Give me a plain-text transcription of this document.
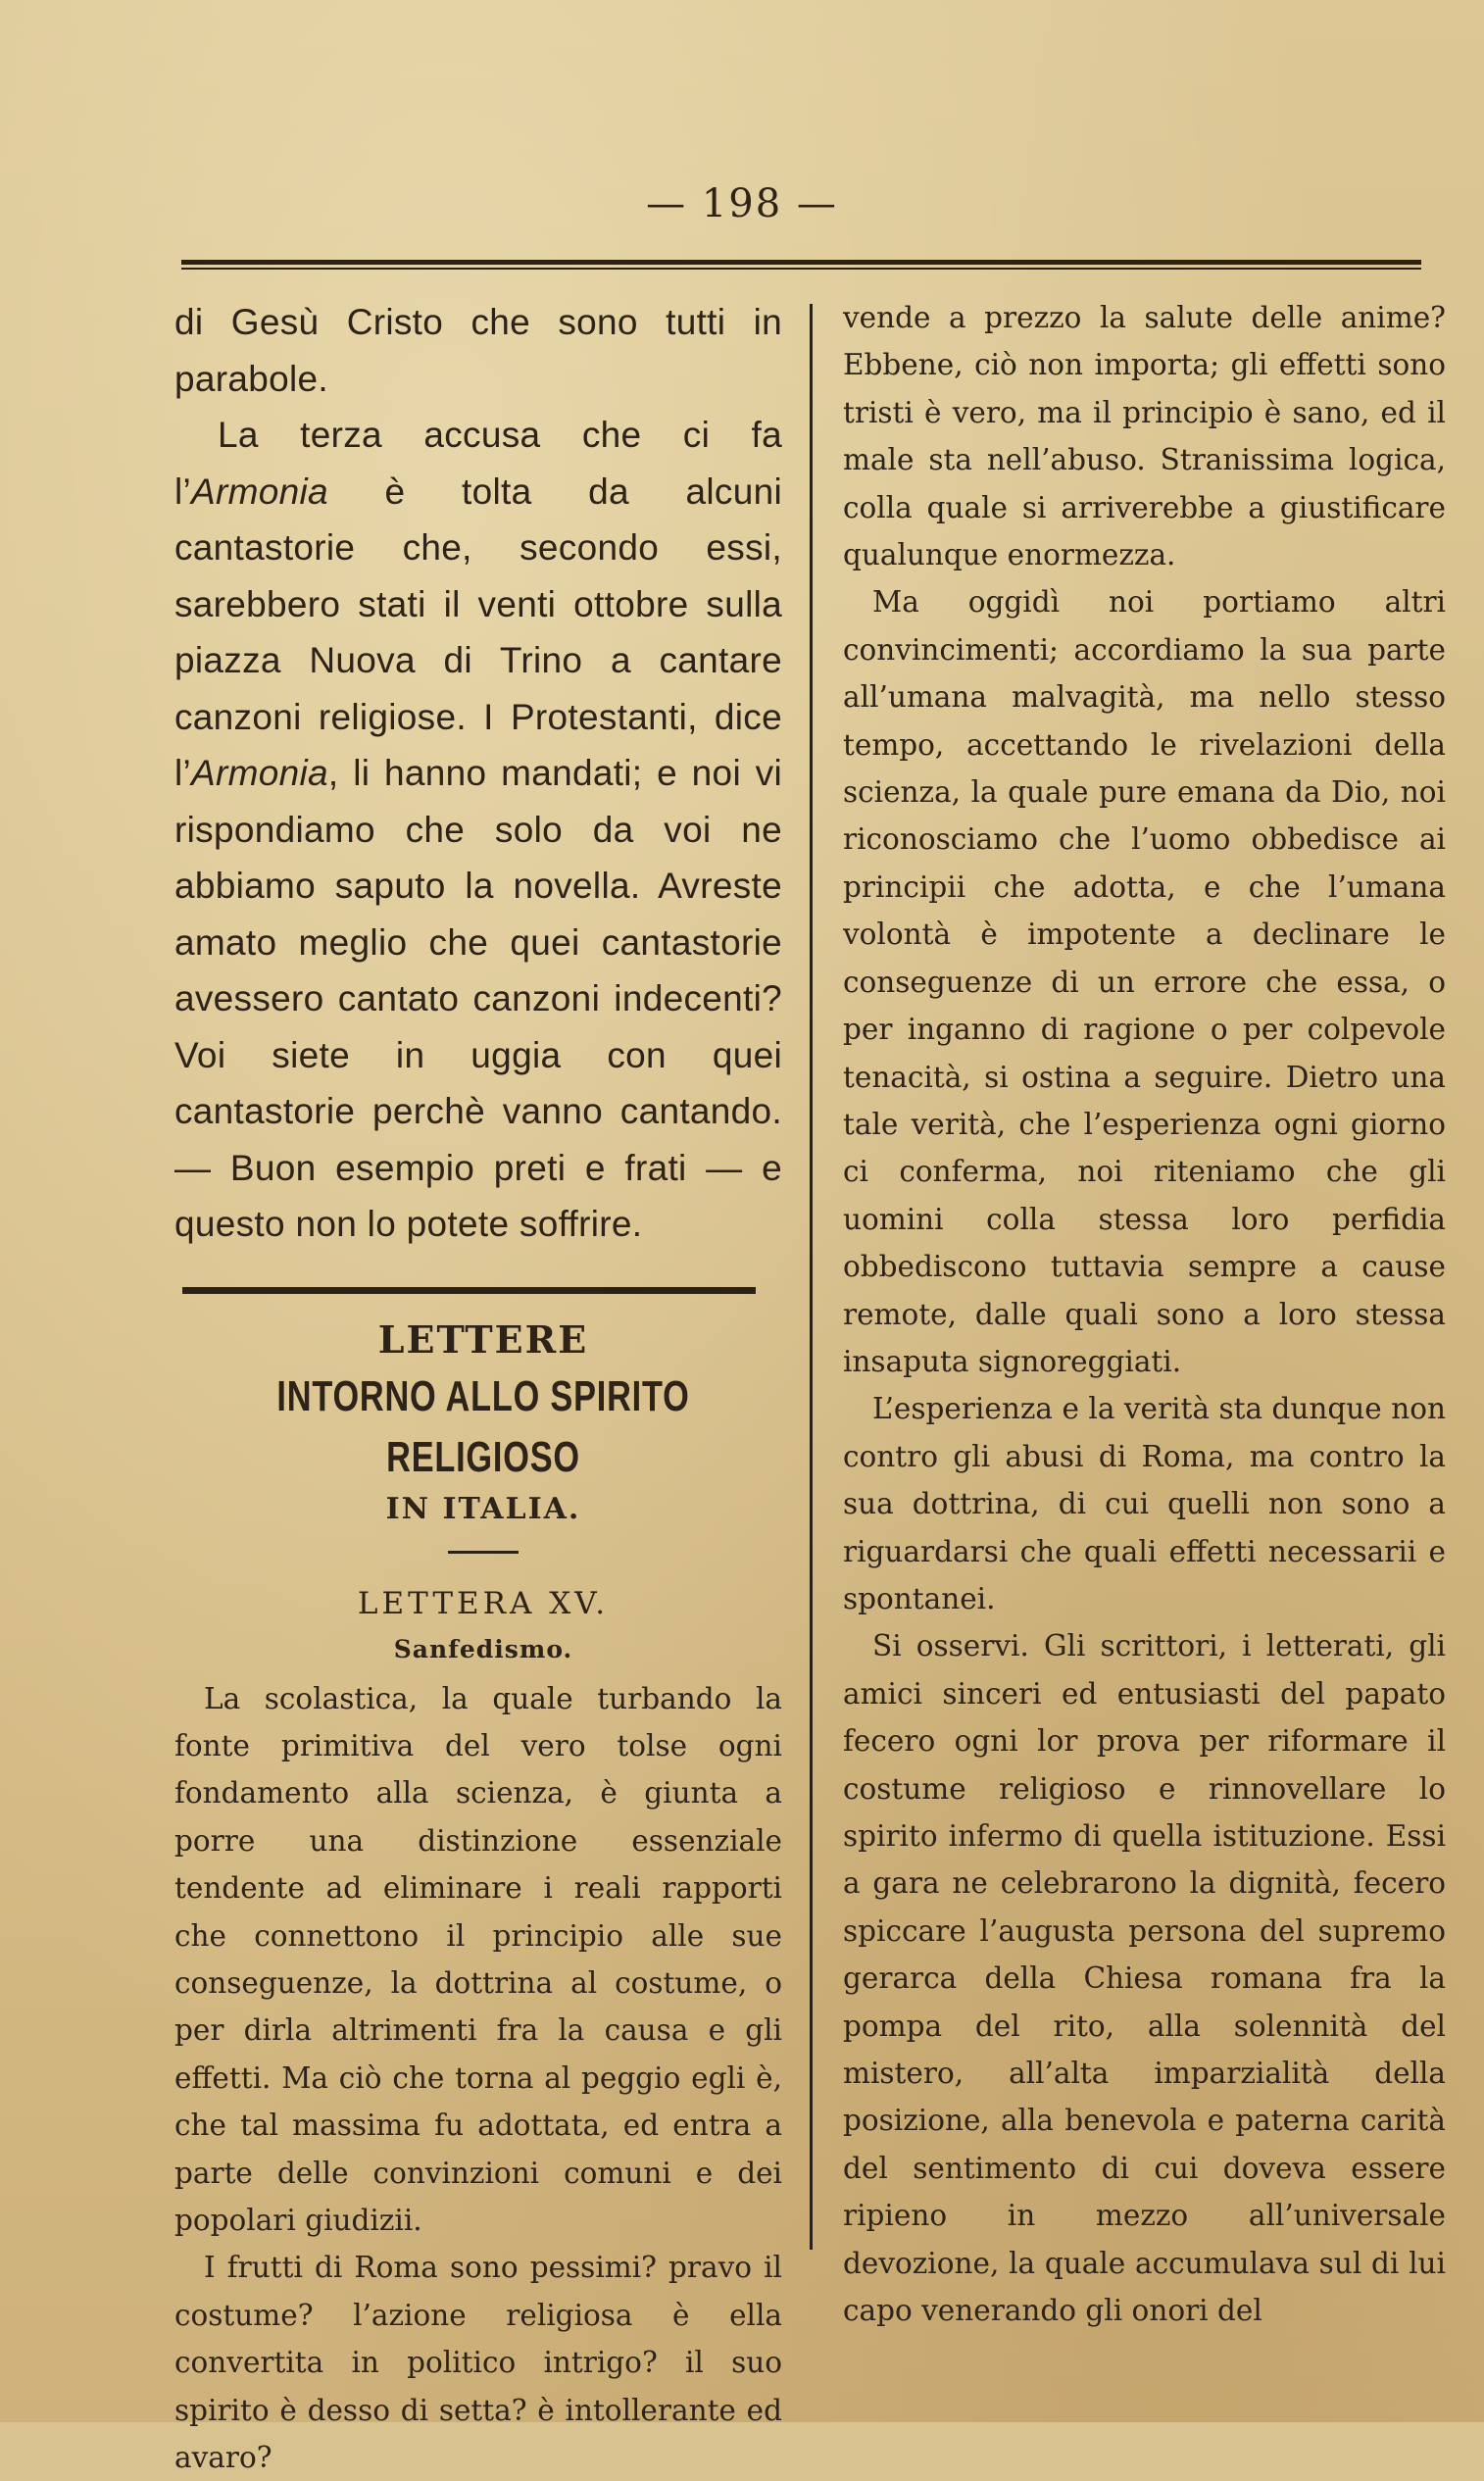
— 198 —

di Gesù Cristo che sono tutti in parabole.

La terza accusa che ci fa l’Armonia è tolta da alcuni cantastorie che, secondo essi, sarebbero stati il venti ottobre sulla piazza Nuova di Trino a cantare canzoni religiose. I Protestanti, dice l’Armonia, li hanno mandati; e noi vi rispondiamo che solo da voi ne abbiamo saputo la novella. Avreste amato meglio che quei cantastorie avessero cantato canzoni indecenti? Voi siete in uggia con quei cantastorie perchè vanno cantando. — Buon esempio preti e frati — e questo non lo potete soffrire.

LETTERE
INTORNO ALLO SPIRITO RELIGIOSO
IN ITALIA.
LETTERA XV.
Sanfedismo.

La scolastica, la quale turbando la fonte primitiva del vero tolse ogni fondamento alla scienza, è giunta a porre una distinzione essenziale tendente ad eliminare i reali rapporti che connettono il principio alle sue conseguenze, la dottrina al costume, o per dirla altrimenti fra la causa e gli effetti. Ma ciò che torna al peggio egli è, che tal massima fu adottata, ed entra a parte delle convinzioni comuni e dei popolari giudizii.

I frutti di Roma sono pessimi? pravo il costume? l’azione religiosa è ella convertita in politico intrigo? il suo spirito è desso di setta? è intollerante ed avaro?

vende a prezzo la salute delle anime? Ebbene, ciò non importa; gli effetti sono tristi è vero, ma il principio è sano, ed il male sta nell’abuso. Stranissima logica, colla quale si arriverebbe a giustificare qualunque enormezza.

Ma oggidì noi portiamo altri convincimenti; accordiamo la sua parte all’umana malvagità, ma nello stesso tempo, accettando le rivelazioni della scienza, la quale pure emana da Dio, noi riconosciamo che l’uomo obbedisce ai principii che adotta, e che l’umana volontà è impotente a declinare le conseguenze di un errore che essa, o per inganno di ragione o per colpevole tenacità, si ostina a seguire. Dietro una tale verità, che l’esperienza ogni giorno ci conferma, noi riteniamo che gli uomini colla stessa loro perfidia obbediscono tuttavia sempre a cause remote, dalle quali sono a loro stessa insaputa signoreggiati.

L’esperienza e la verità sta dunque non contro gli abusi di Roma, ma contro la sua dottrina, di cui quelli non sono a riguardarsi che quali effetti necessarii e spontanei.

Si osservi. Gli scrittori, i letterati, gli amici sinceri ed entusiasti del papato fecero ogni lor prova per riformare il costume religioso e rinnovellare lo spirito infermo di quella istituzione. Essi a gara ne celebrarono la dignità, fecero spiccare l’augusta persona del supremo gerarca della Chiesa romana fra la pompa del rito, alla solennità del mistero, all’alta imparzialità della posizione, alla benevola e paterna carità del sentimento di cui doveva essere ripieno in mezzo all’universale devozione, la quale accumulava sul di lui capo venerando gli onori del
